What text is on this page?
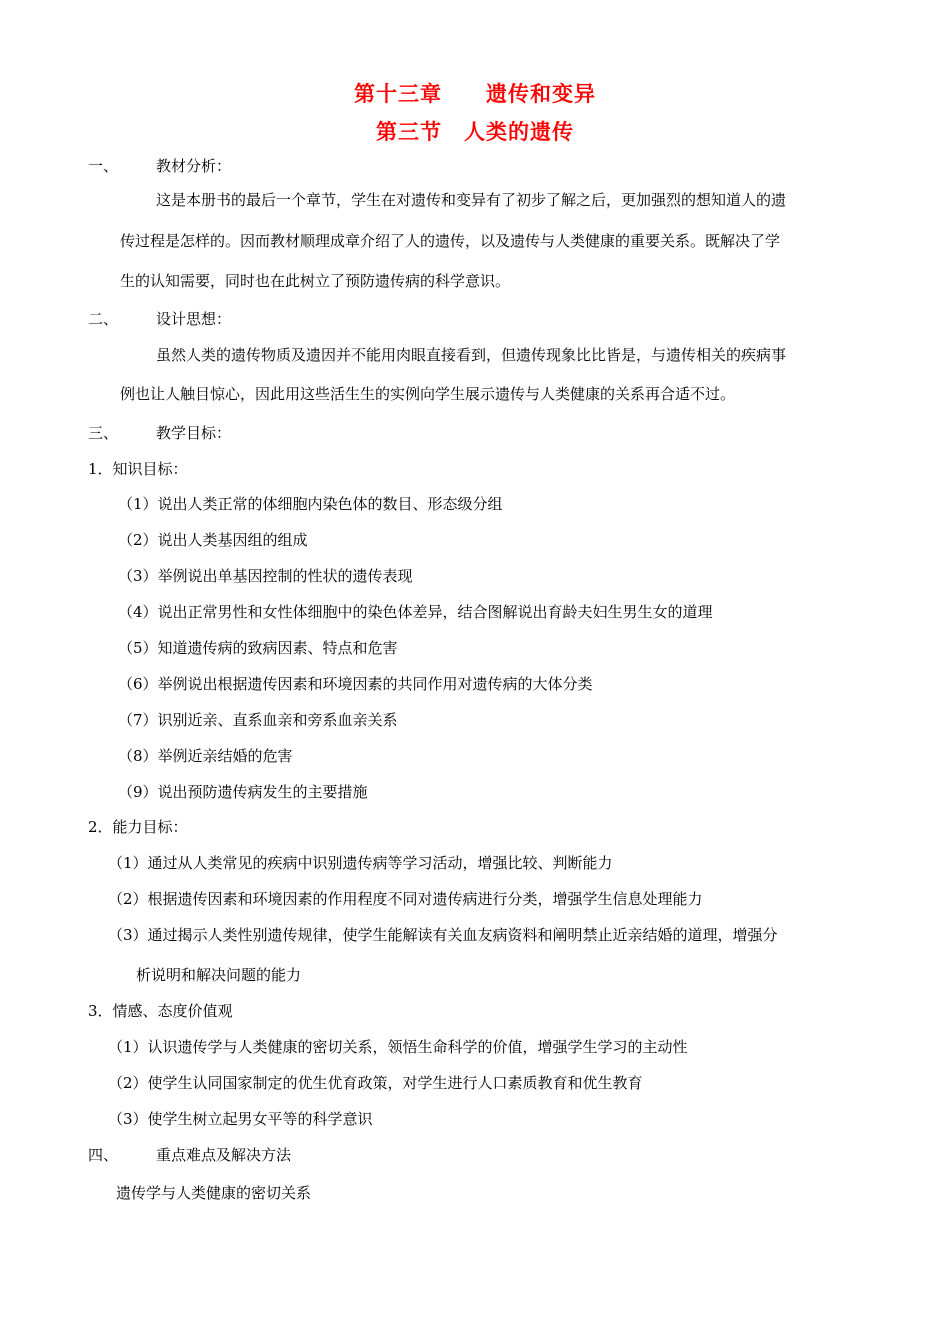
第十三章　　遗传和变异
第三节　人类的遗传
一、	教材分析：
这是本册书的最后一个章节，学生在对遗传和变异有了初步了解之后，更加强烈的想知道人的遗
传过程是怎样的。因而教材顺理成章介绍了人的遗传，以及遗传与人类健康的重要关系。既解决了学
生的认知需要，同时也在此树立了预防遗传病的科学意识。
二、	设计思想：
虽然人类的遗传物质及遗因并不能用肉眼直接看到，但遗传现象比比皆是，与遗传相关的疾病事
例也让人触目惊心，因此用这些活生生的实例向学生展示遗传与人类健康的关系再合适不过。
三、	教学目标：
1．知识目标：
（1）说出人类正常的体细胞内染色体的数目、形态级分组
（2）说出人类基因组的组成
（3）举例说出单基因控制的性状的遗传表现
（4）说出正常男性和女性体细胞中的染色体差异，结合图解说出育龄夫妇生男生女的道理
（5）知道遗传病的致病因素、特点和危害
（6）举例说出根据遗传因素和环境因素的共同作用对遗传病的大体分类
（7）识别近亲、直系血亲和旁系血亲关系
（8）举例近亲结婚的危害
（9）说出预防遗传病发生的主要措施
2．能力目标：
（1）通过从人类常见的疾病中识别遗传病等学习活动，增强比较、判断能力
（2）根据遗传因素和环境因素的作用程度不同对遗传病进行分类，增强学生信息处理能力
（3）通过揭示人类性别遗传规律，使学生能解读有关血友病资料和阐明禁止近亲结婚的道理，增强分
析说明和解决问题的能力
3．情感、态度价值观
（1）认识遗传学与人类健康的密切关系，领悟生命科学的价值，增强学生学习的主动性
（2）使学生认同国家制定的优生优育政策，对学生进行人口素质教育和优生教育
（3）使学生树立起男女平等的科学意识
四、	重点难点及解决方法
遗传学与人类健康的密切关系
